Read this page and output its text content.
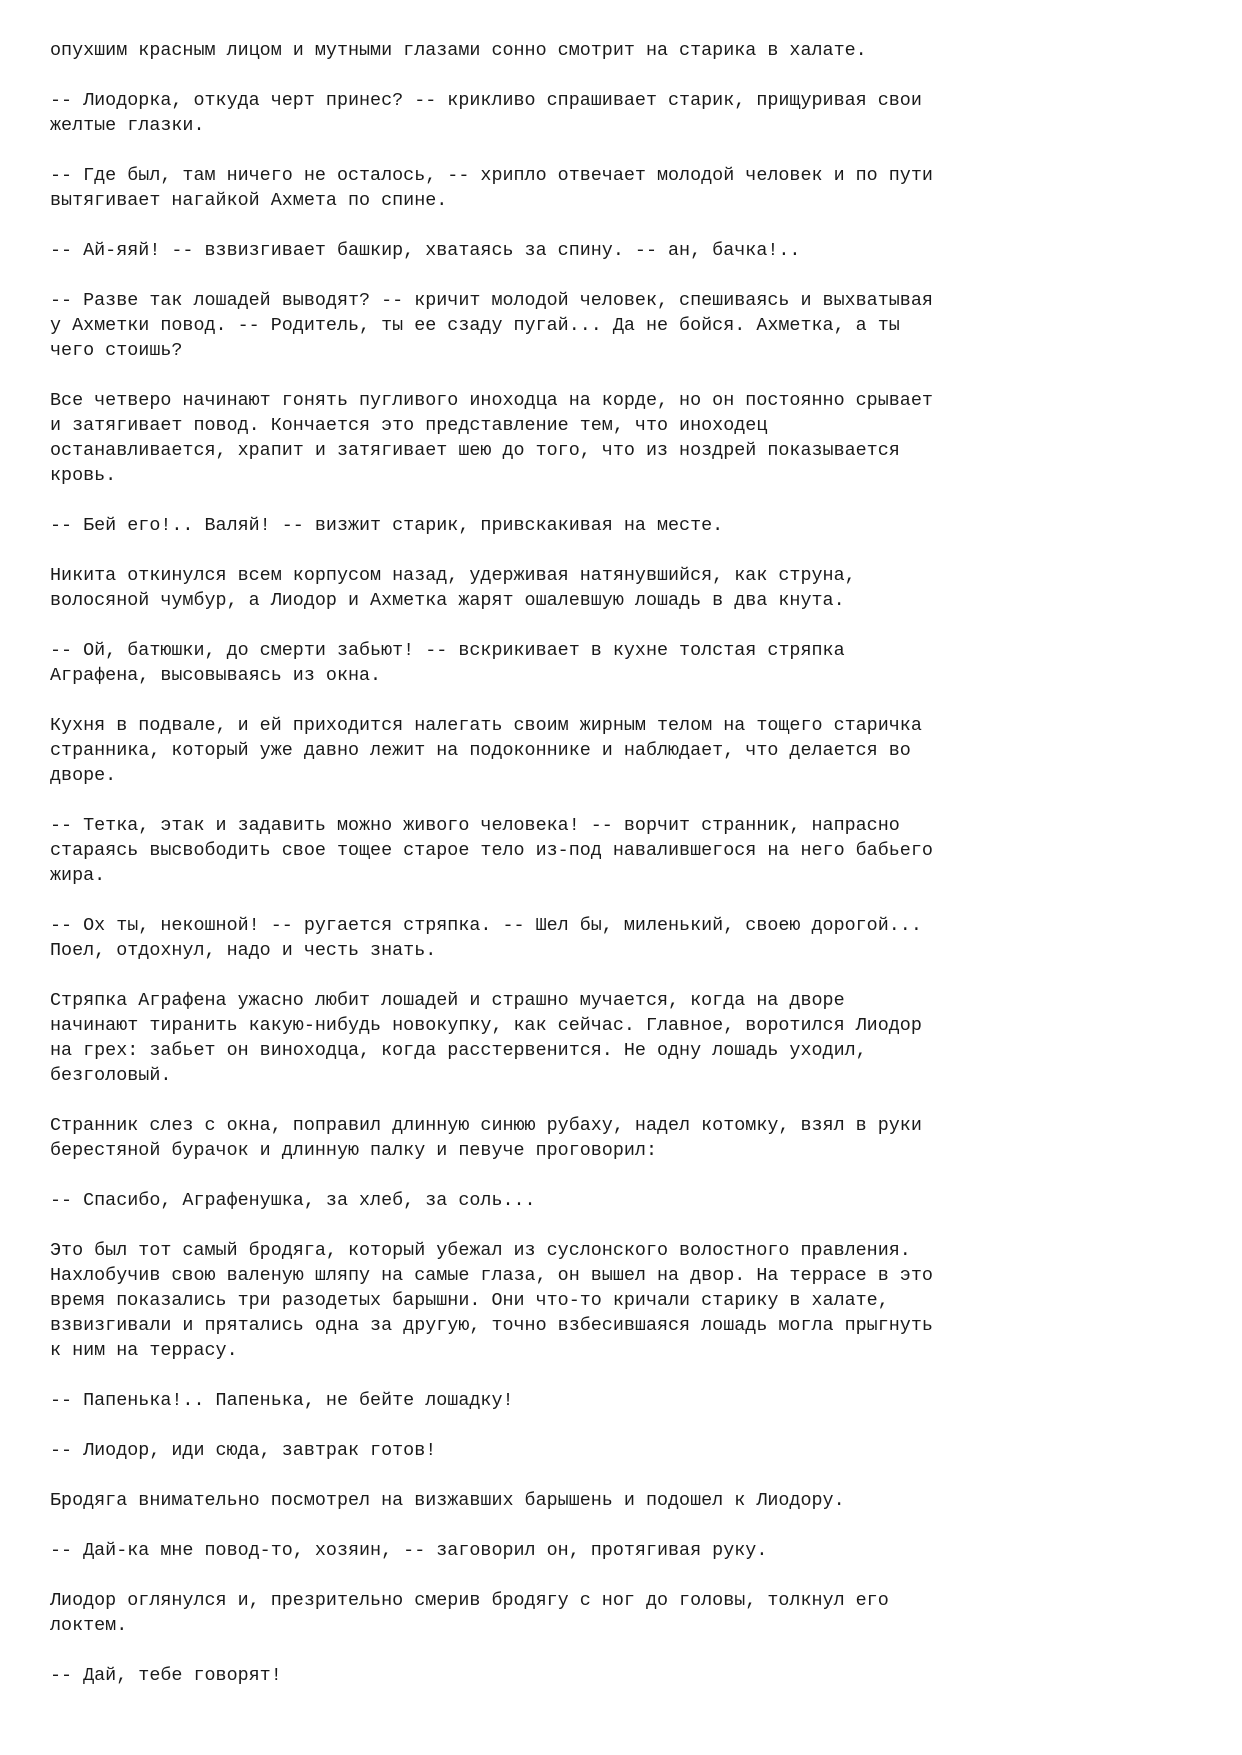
опухшим красным лицом и мутными глазами сонно смотрит на старика в халате.
-- Лиодорка, откуда черт принес? -- крикливо спрашивает старик, прищуривая свои
желтые глазки.
-- Где был, там ничего не осталось, -- хрипло отвечает молодой человек и по пути
вытягивает нагайкой Ахмета по спине.
-- Ай-яяй! -- взвизгивает башкир, хватаясь за спину. -- ан, бачка!..
-- Разве так лошадей выводят? -- кричит молодой человек, спешиваясь и выхватывая
у Ахметки повод. -- Родитель, ты ее сзаду пугай... Да не бойся. Ахметка, а ты
чего стоишь?
Все четверо начинают гонять пугливого иноходца на корде, но он постоянно срывает
и затягивает повод. Кончается это представление тем, что иноходец
останавливается, храпит и затягивает шею до того, что из ноздрей показывается
кровь.
-- Бей его!.. Валяй! -- визжит старик, привскакивая на месте.
Никита откинулся всем корпусом назад, удерживая натянувшийся, как струна,
волосяной чумбур, а Лиодор и Ахметка жарят ошалевшую лошадь в два кнута.
-- Ой, батюшки, до смерти забьют! -- вскрикивает в кухне толстая стряпка
Аграфена, высовываясь из окна.
Кухня в подвале, и ей приходится налегать своим жирным телом на тощего старичка
странника, который уже давно лежит на подоконнике и наблюдает, что делается во
дворе.
-- Тетка, этак и задавить можно живого человека! -- ворчит странник, напрасно
стараясь высвободить свое тощее старое тело из-под навалившегося на него бабьего
жира.
-- Ох ты, некошной! -- ругается стряпка. -- Шел бы, миленький, своею дорогой...
Поел, отдохнул, надо и честь знать.
Стряпка Аграфена ужасно любит лошадей и страшно мучается, когда на дворе
начинают тиранить какую-нибудь новокупку, как сейчас. Главное, воротился Лиодор
на грех: забьет он виноходца, когда расстервенится. Не одну лошадь уходил,
безголовый.
Странник слез с окна, поправил длинную синюю рубаху, надел котомку, взял в руки
берестяной бурачок и длинную палку и певуче проговорил:
-- Спасибо, Аграфенушка, за хлеб, за соль...
Это был тот самый бродяга, который убежал из суслонского волостного правления.
Нахлобучив свою валеную шляпу на самые глаза, он вышел на двор. На террасе в это
время показались три разодетых барышни. Они что-то кричали старику в халате,
взвизгивали и прятались одна за другую, точно взбесившаяся лошадь могла прыгнуть
к ним на террасу.
-- Папенька!.. Папенька, не бейте лошадку!
-- Лиодор, иди сюда, завтрак готов!
Бродяга внимательно посмотрел на визжавших барышень и подошел к Лиодору.
-- Дай-ка мне повод-то, хозяин, -- заговорил он, протягивая руку.
Лиодор оглянулся и, презрительно смерив бродягу с ног до головы, толкнул его
локтем.
-- Дай, тебе говорят!
